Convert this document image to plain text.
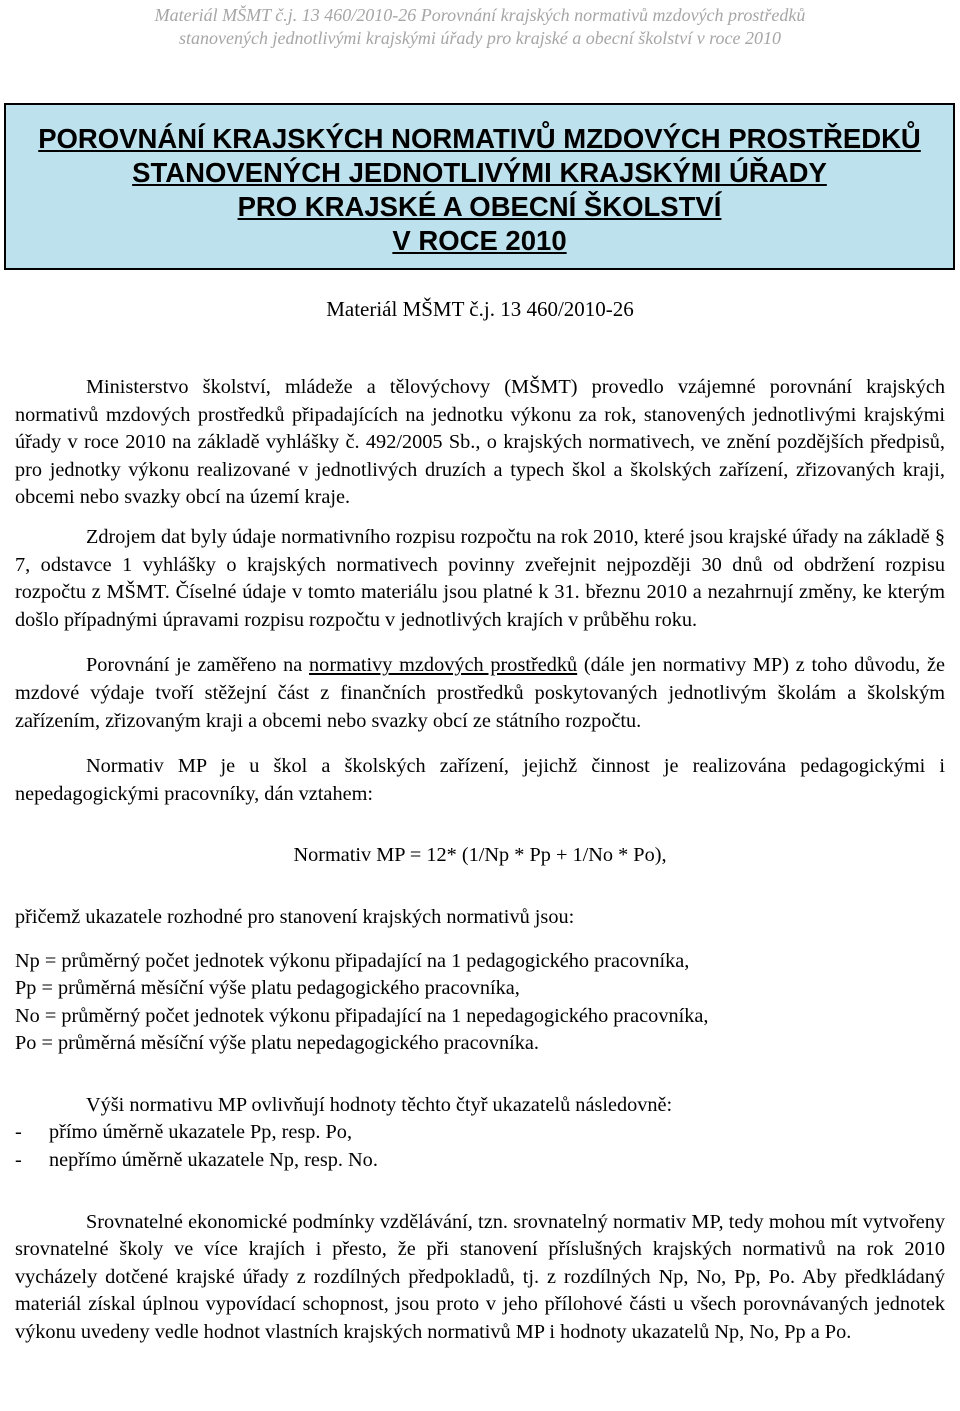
Materiál MŠMT č.j. 13 460/2010-26 Porovnání krajských normativů mzdových prostředků
stanovených jednotlivými krajskými úřady pro krajské a obecní školství v roce 2010
POROVNÁNÍ KRAJSKÝCH NORMATIVŮ MZDOVÝCH PROSTŘEDKŮ
STANOVENÝCH JEDNOTLIVÝMI KRAJSKÝMI ÚŘADY
PRO KRAJSKÉ A OBECNÍ ŠKOLSTVÍ
V ROCE 2010
Materiál MŠMT č.j. 13 460/2010-26

Ministerstvo školství, mládeže a tělovýchovy (MŠMT) provedlo vzájemné porovnání krajských normativů mzdových prostředků připadajících na jednotku výkonu za rok, stanovených jednotlivými krajskými úřady v roce 2010 na základě vyhlášky č. 492/2005 Sb., o krajských normativech, ve znění pozdějších předpisů, pro jednotky výkonu realizované v jednotlivých druzích a typech škol a školských zařízení, zřizovaných kraji, obcemi nebo svazky obcí na území kraje.

Zdrojem dat byly údaje normativního rozpisu rozpočtu na rok 2010, které jsou krajské úřady na základě § 7, odstavce 1 vyhlášky o krajských normativech povinny zveřejnit nejpozději 30 dnů od obdržení rozpisu rozpočtu z MŠMT. Číselné údaje v tomto materiálu jsou platné k 31. březnu 2010 a nezahrnují změny, ke kterým došlo případnými úpravami rozpisu rozpočtu v jednotlivých krajích v průběhu roku.

Porovnání je zaměřeno na normativy mzdových prostředků (dále jen normativy MP) z toho důvodu, že mzdové výdaje tvoří stěžejní část z finančních prostředků poskytovaných jednotlivým školám a školským zařízením, zřizovaným kraji a obcemi nebo svazky obcí ze státního rozpočtu.

Normativ MP je u škol a školských zařízení, jejichž činnost je realizována pedagogickými i nepedagogickými pracovníky, dán vztahem:

Normativ MP = 12* (1/Np * Pp + 1/No * Po),

přičemž ukazatele rozhodné pro stanovení krajských normativů jsou:

Np = průměrný počet jednotek výkonu připadající na 1 pedagogického pracovníka,
Pp = průměrná měsíční výše platu pedagogického pracovníka,
No = průměrný počet jednotek výkonu připadající na 1 nepedagogického pracovníka,
Po = průměrná měsíční výše platu nepedagogického pracovníka.

Výši normativu MP ovlivňují hodnoty těchto čtyř ukazatelů následovně:

- přímo úměrně ukazatele Pp, resp. Po,
- nepřímo úměrně ukazatele Np, resp. No.

Srovnatelné ekonomické podmínky vzdělávání, tzn. srovnatelný normativ MP, tedy mohou mít vytvořeny srovnatelné školy ve více krajích i přesto, že při stanovení příslušných krajských normativů na rok 2010 vycházely dotčené krajské úřady z rozdílných předpokladů, tj. z rozdílných Np, No, Pp, Po. Aby předkládaný materiál získal úplnou vypovídací schopnost, jsou proto v jeho přílohové části u všech porovnávaných jednotek výkonu uvedeny vedle hodnot vlastních krajských normativů MP i hodnoty ukazatelů Np, No, Pp a Po.
